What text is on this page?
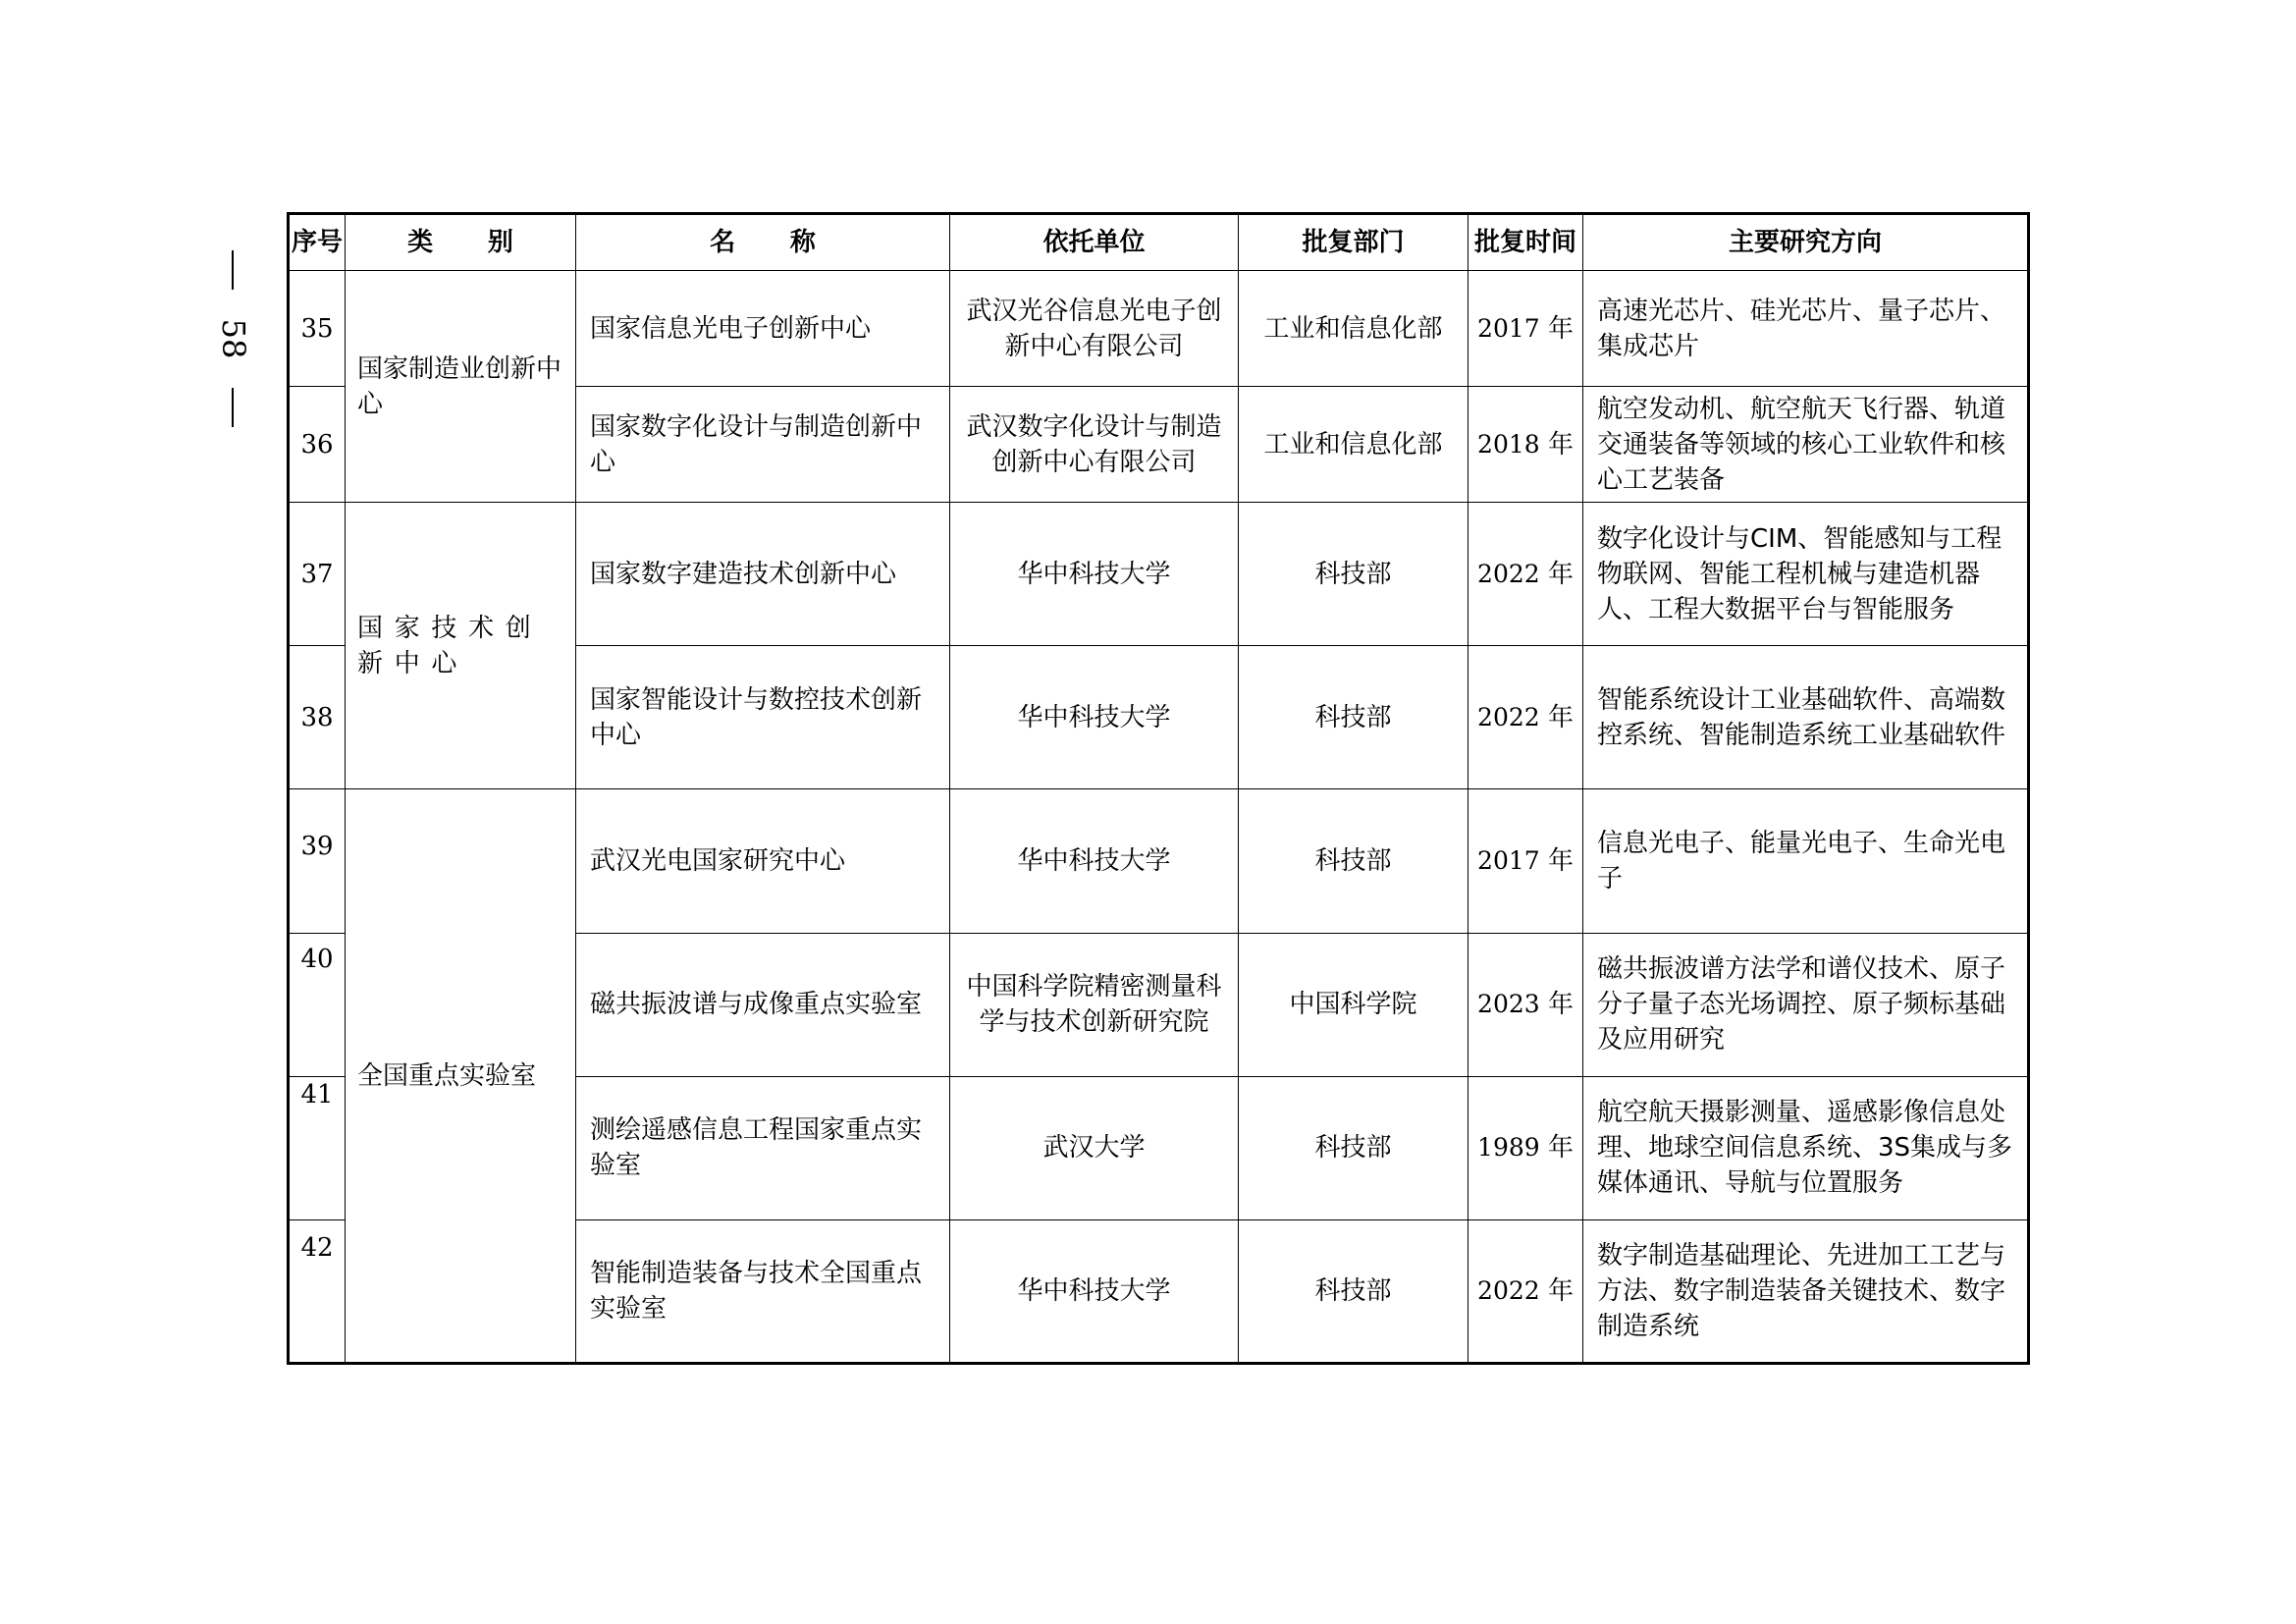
58
序号	类 别	名 称	依托单位	批复部门	批复时间	主要研究方向
35	国家制造业创新中心	国家信息光电子创新中心	武汉光谷信息光电子创新中心有限公司	工业和信息化部	2017 年	高速光芯片、硅光芯片、量子芯片、集成芯片
36		国家数字化设计与制造创新中心	武汉数字化设计与制造创新中心有限公司	工业和信息化部	2018 年	航空发动机、航空航天飞行器、轨道交通装备等领域的核心工业软件和核心工艺装备
37	国家技术创新中心	国家数字建造技术创新中心	华中科技大学	科技部	2022 年	数字化设计与CIM、智能感知与工程物联网、智能工程机械与建造机器人、工程大数据平台与智能服务
38		国家智能设计与数控技术创新中心	华中科技大学	科技部	2022 年	智能系统设计工业基础软件、高端数控系统、智能制造系统工业基础软件
39	全国重点实验室	武汉光电国家研究中心	华中科技大学	科技部	2017 年	信息光电子、能量光电子、生命光电子
40		磁共振波谱与成像重点实验室	中国科学院精密测量科学与技术创新研究院	中国科学院	2023 年	磁共振波谱方法学和谱仪技术、原子分子量子态光场调控、原子频标基础及应用研究
41		测绘遥感信息工程国家重点实验室	武汉大学	科技部	1989 年	航空航天摄影测量、遥感影像信息处理、地球空间信息系统、3S集成与多媒体通讯、导航与位置服务
42		智能制造装备与技术全国重点实验室	华中科技大学	科技部	2022 年	数字制造基础理论、先进加工工艺与方法、数字制造装备关键技术、数字制造系统
